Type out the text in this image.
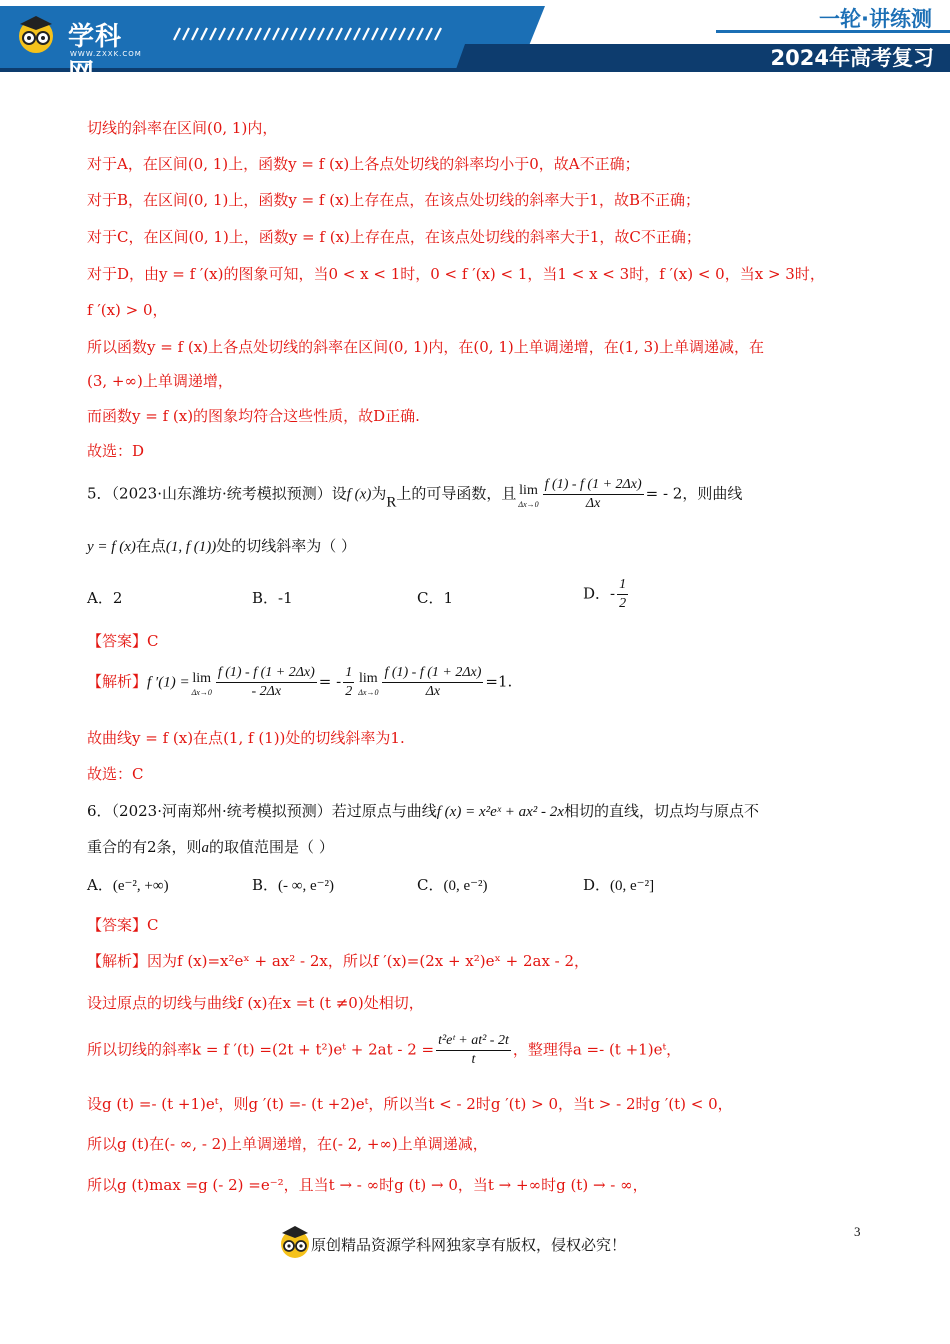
学科网
WWW.ZXXK.COM
一轮·讲练测
2024年高考复习
切线的斜率在区间(0, 1)内，
对于A，在区间(0, 1)上，函数y = f (x)上各点处切线的斜率均小于0，故A不正确；
对于B，在区间(0, 1)上，函数y = f (x)上存在点，在该点处切线的斜率大于1，故B不正确；
对于C，在区间(0, 1)上，函数y = f (x)上存在点，在该点处切线的斜率大于1，故C不正确；
对于D，由y = f ′(x)的图象可知，当0 < x < 1时，0 < f ′(x) < 1，当1 < x < 3时，f ′(x) < 0，当x > 3时，
f ′(x) > 0，
所以函数y = f (x)上各点处切线的斜率在区间(0, 1)内，在(0, 1)上单调递增，在(1, 3)上单调递减，在
(3, +∞)上单调递增，
而函数y = f (x)的图象均符合这些性质，故D正确.
故选：D
5．（2023·山东潍坊·统考模拟预测）设f (x)为R上的可导函数，且 lim
$\Delta x\to 0 \frac{f (1) - f (1 + 2\Delta x)}{\Delta x}$ = - 2，则曲线
y = f (x)在点(1, f (1))处的切线斜率为（ ）
A．2	B．-1	C．1	D．- $\frac{1}{2}$
【答案】C
【解析】f ′(1) = lim
$\Delta x\to 0 \frac{f (1) - f (1 + 2\Delta x)}{- 2\Delta x}$ = - $\frac{1}{2}$ lim
$\Delta x\to 0 \frac{f (1) - f (1 + 2\Delta x)}{\Delta x} =1$.
故曲线y = f (x)在点(1, f (1))处的切线斜率为1.
故选：C
6．（2023·河南郑州·统考模拟预测）若过原点与曲线f (x) = x²eˣ + ax² - 2x相切的直线，切点均与原点不
重合的有2条，则a的取值范围是（ ）
A．(e⁻², +∞)	B．(- ∞, e⁻²)	C．(0, e⁻²)	D．(0, e⁻²]
【答案】C
【解析】因为f (x)=x²eˣ + ax² - 2x，所以f ′(x)=(2x + x²)eˣ + 2ax - 2，
设过原点的切线与曲线f (x)在x =t (t ≠0)处相切，
所以切线的斜率k = f ′(t) =(2t + t²)eᵗ + $2at - 2 = \frac{\text{t²eᵗ + at² - 2t}}{t}$ ，整理得a =- (t +1)eᵗ，
设g (t) =- (t +1)eᵗ，则g ′(t) =- (t +2)eᵗ，所以当t < - 2时g ′(t) > 0，当t > - 2时g ′(t) < 0，
所以g (t)在(- ∞, - 2)上单调递增，在(- 2, +∞)上单调递减，
所以g (t)max =g (- 2) =e⁻²，且当t → - ∞时g (t) → 0，当t → +∞时g (t) → - ∞，
原创精品资源学科网独家享有版权，侵权必究！
3
